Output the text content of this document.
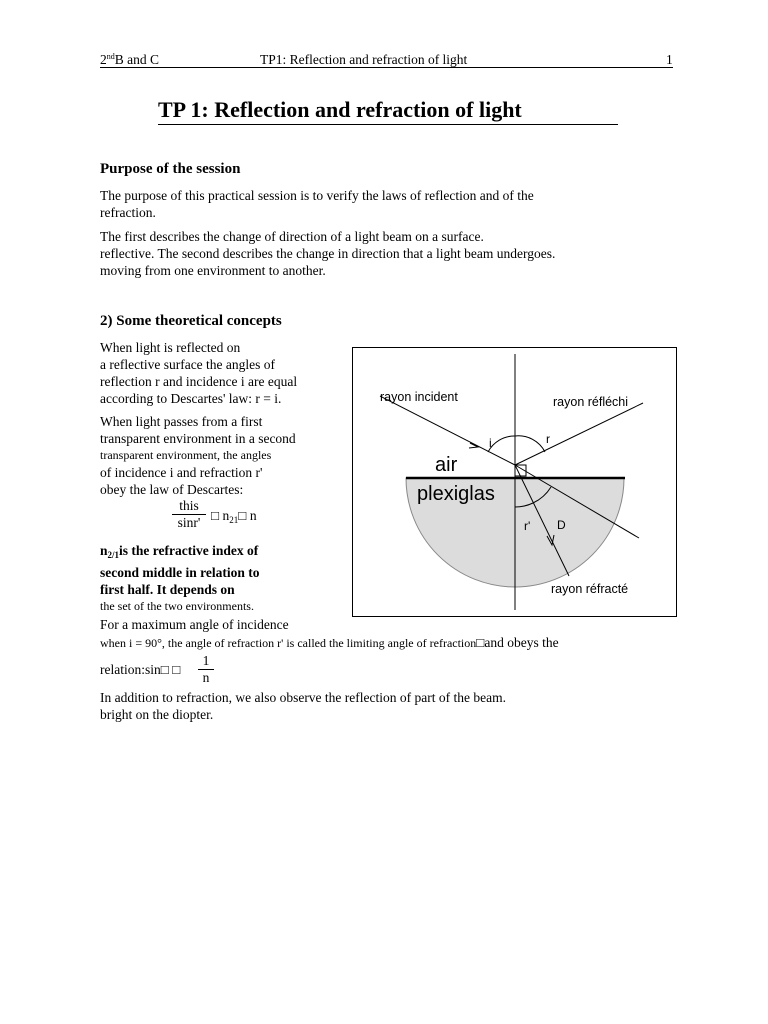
2ndB and C	TP1: Reflection and refraction of light	1
TP 1: Reflection and refraction of light
Purpose of the session
The purpose of this practical session is to verify the laws of reflection and of the
refraction.
The first describes the change of direction of a light beam on a surface.
reflective. The second describes the change in direction that a light beam undergoes.
moving from one environment to another.
2) Some theoretical concepts
When light is reflected on
a reflective surface the angles of
reflection r and incidence i are equal
according to Descartes' law: r = i.
When light passes from a first
transparent environment in a second
transparent environment, the angles
of incidence i and refraction r'
obey the law of Descartes:
this
sinr' □ $n_{21}□$ n
$n_{2/1}is$ the refractive index of
second middle in relation to
first half. It depends on
the set of the two environments.
For a maximum angle of incidence
when i = 90°, the angle of refraction r' is called the limiting angle of refraction□and obeys the
relation:sin□ □
1
n
In addition to refraction, we also observe the reflection of part of the beam.
bright on the diopter.
rayon incident	rayon réfléchi
rayon réfracté
air
plexiglas
i	r
r' D
